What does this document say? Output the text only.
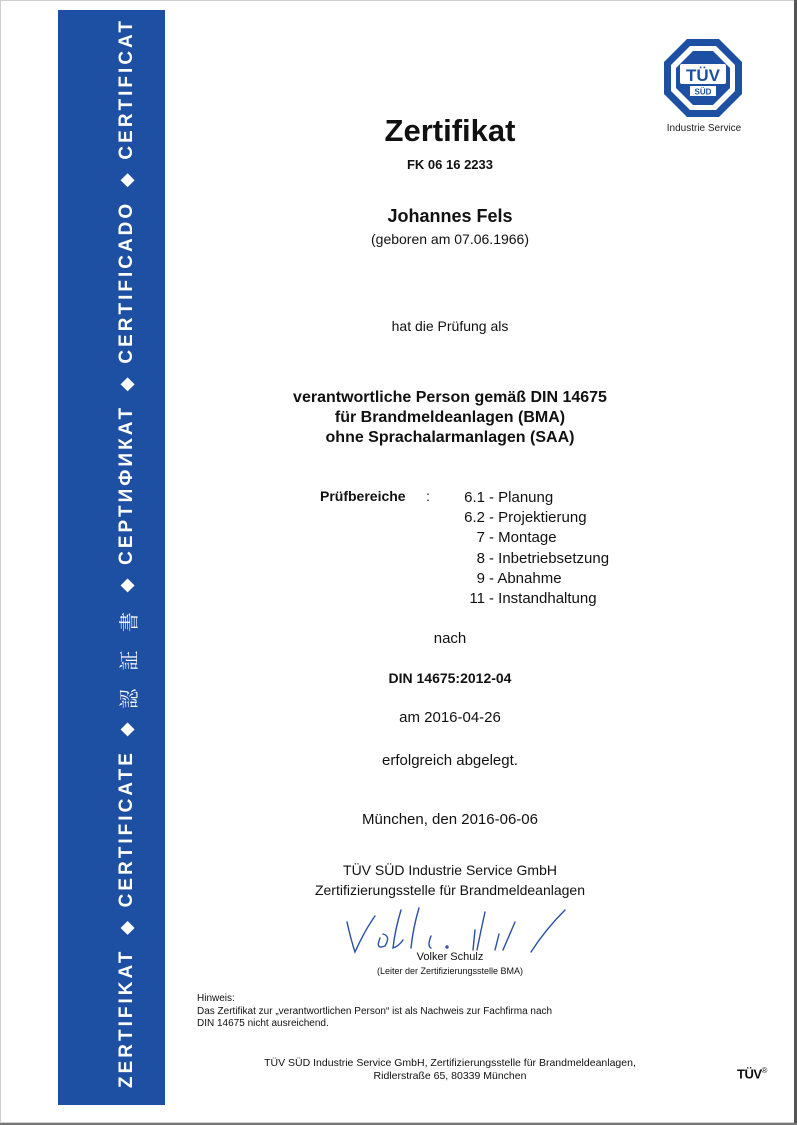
ZERTIFIKAT
◆
CERTIFICATE
◆
認 証 書
◆
СЕРТИФИКАТ
◆
CERTIFICADO
◆
CERTIFICAT	TÜV
SÜD
Industrie Service
Zertifikat
FK 06 16 2233
Johannes Fels
(geboren am 07.06.1966)
hat die Prüfung als
verantwortliche Person gemäß DIN 14675
für Brandmeldeanlagen (BMA)
ohne Sprachalarmanlagen (SAA)
Prüfbereiche :	6.1 - Planung
6.2 - Projektierung
7 - Montage
8 - Inbetriebsetzung
9 - Abnahme
11 - Instandhaltung
nach
DIN 14675:2012-04
am 2016-04-26
erfolgreich abgelegt.
München, den 2016-06-06
TÜV SÜD Industrie Service GmbH
Zertifizierungsstelle für Brandmeldeanlagen
Volker Schulz
(Leiter der Zertifizierungsstelle BMA)
Hinweis:
Das Zertifikat zur „verantwortlichen Person“ ist als Nachweis zur Fachfirma nach
DIN 14675 nicht ausreichend.
TÜV SÜD Industrie Service GmbH, Zertifizierungsstelle für Brandmeldeanlagen,
Ridlerstraße 65, 80339 München	TÜV®
